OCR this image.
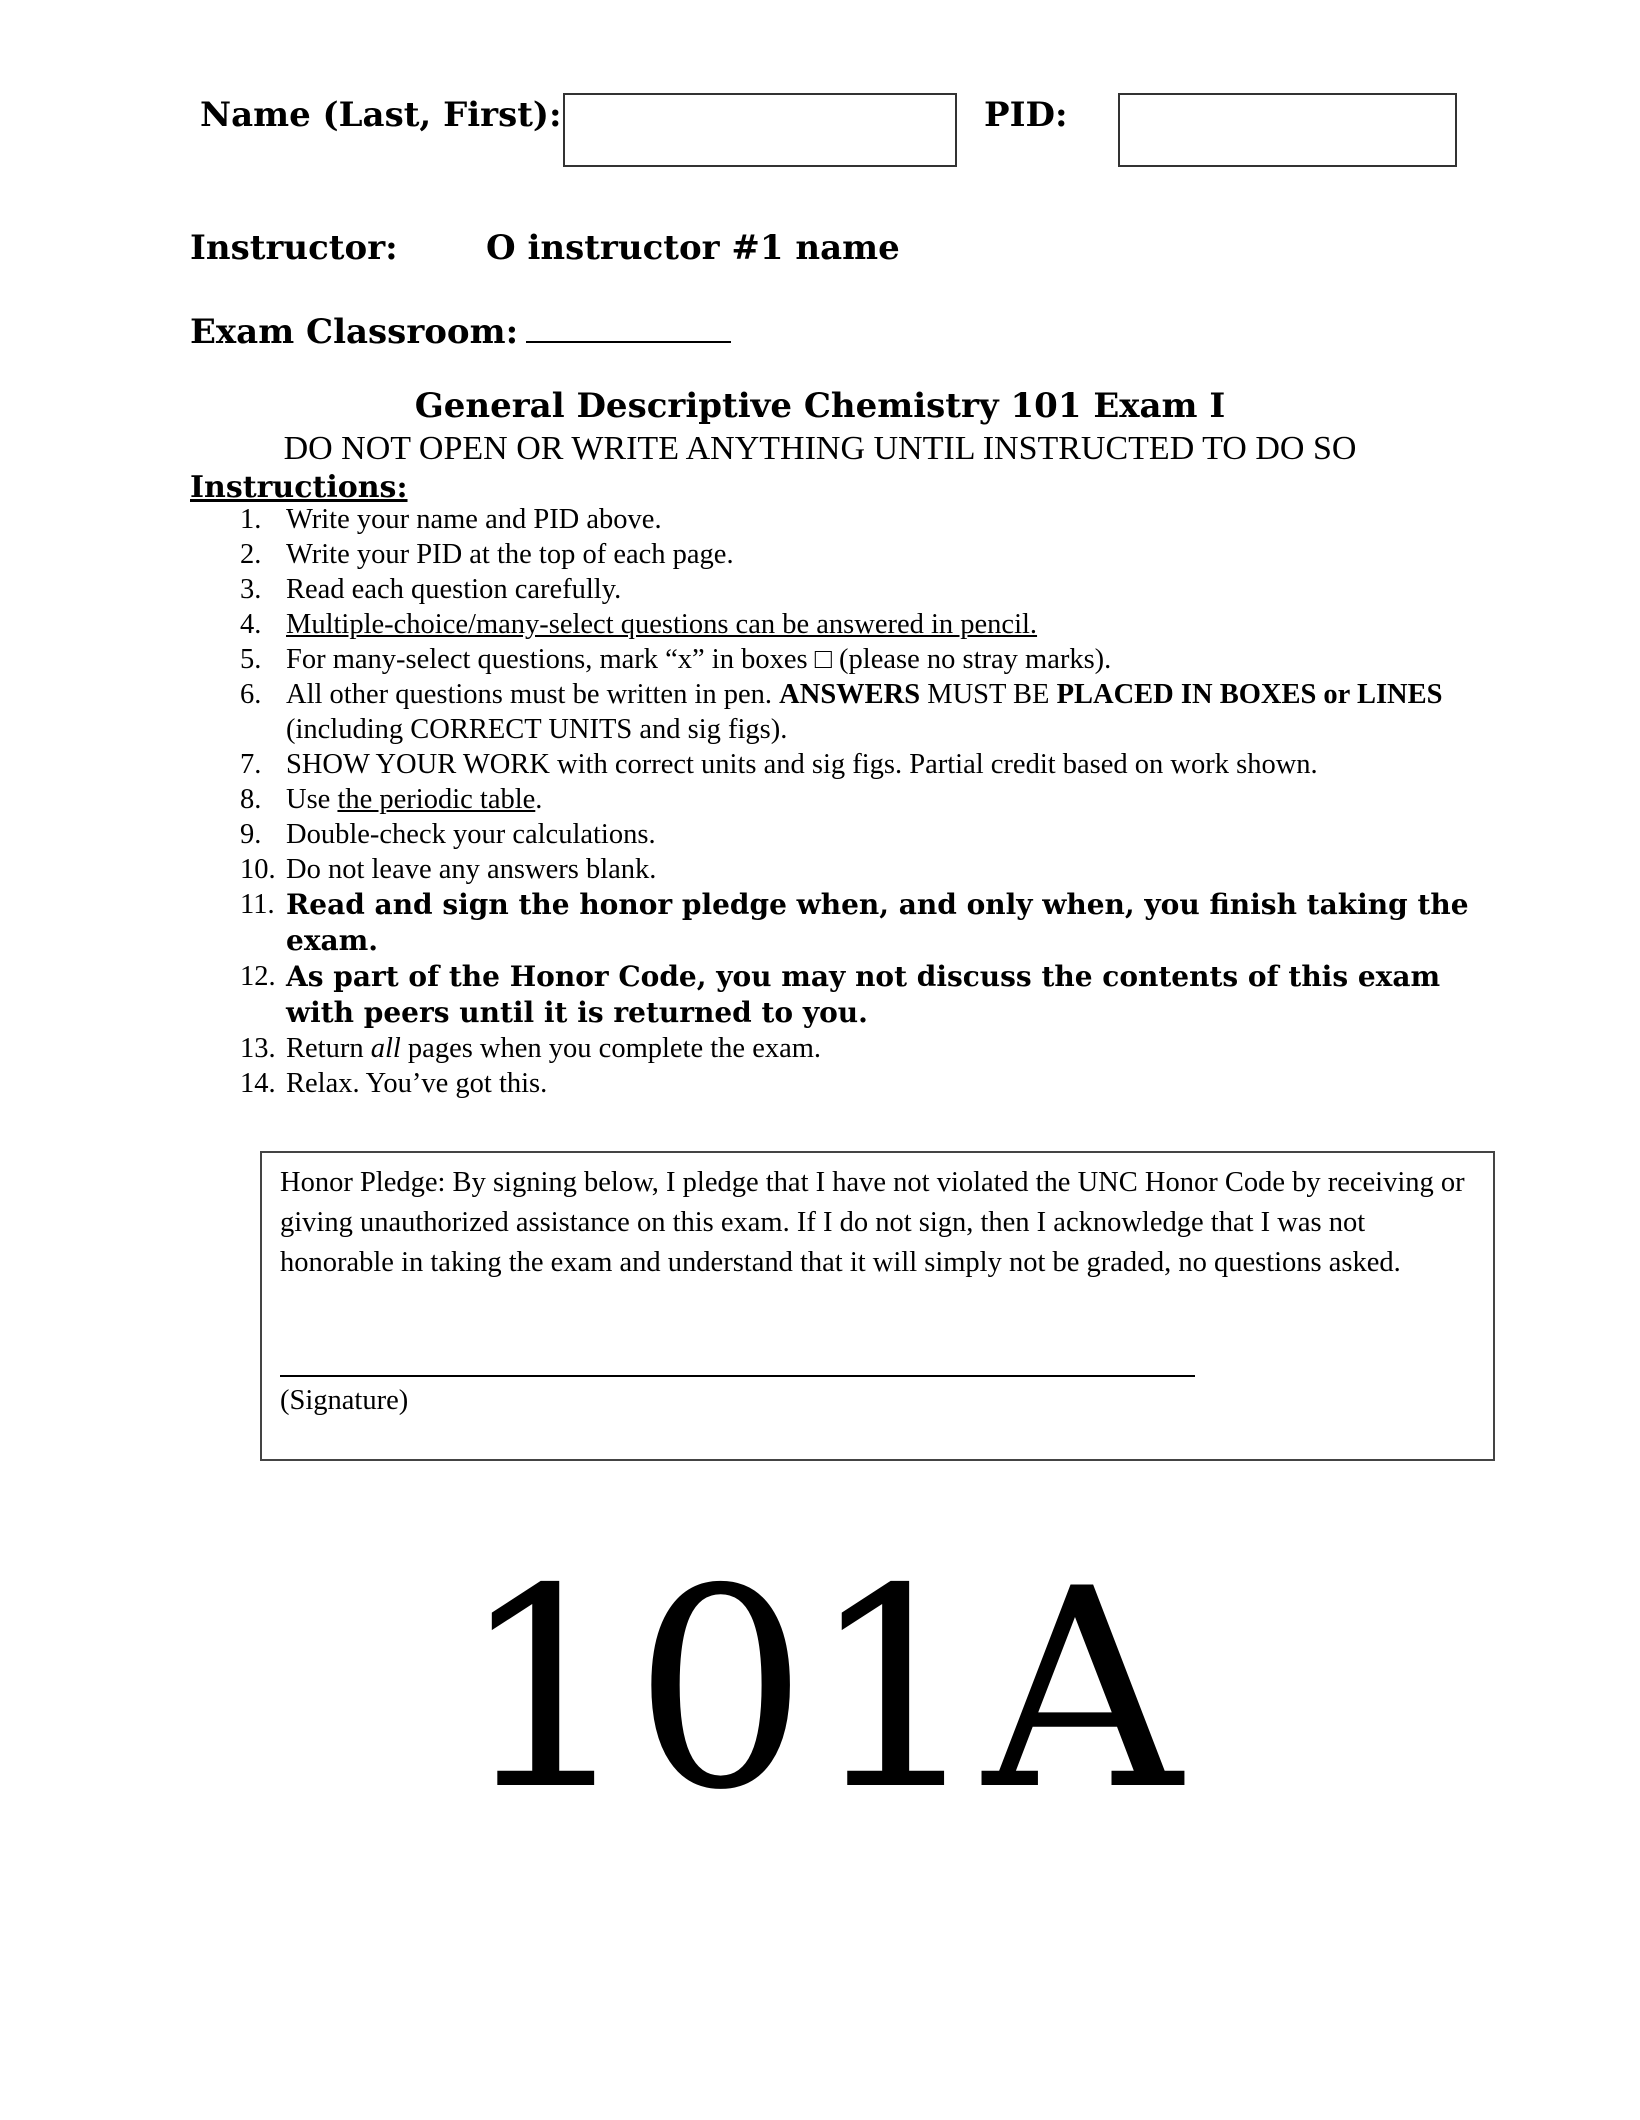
Name (Last, First):	PID:
Instructor:	O instructor #1 name
Exam Classroom:
General Descriptive Chemistry 101 Exam I
DO NOT OPEN OR WRITE ANYTHING UNTIL INSTRUCTED TO DO SO
Instructions:
1. Write your name and PID above.
2. Write your PID at the top of each page.
3. Read each question carefully.
4. Multiple-choice/many-select questions can be answered in pencil.
5. For many-select questions, mark “x” in boxes □ (please no stray marks).
6. All other questions must be written in pen. ANSWERS MUST BE PLACED IN BOXES or LINES (including CORRECT UNITS and sig figs).
7. SHOW YOUR WORK with correct units and sig figs. Partial credit based on work shown.
8. Use the periodic table.
9. Double-check your calculations.
10. Do not leave any answers blank.
11. Read and sign the honor pledge when, and only when, you finish taking the exam.
12. As part of the Honor Code, you may not discuss the contents of this exam with peers until it is returned to you.
13. Return all pages when you complete the exam.
14. Relax. You’ve got this.
Honor Pledge: By signing below, I pledge that I have not violated the UNC Honor Code by receiving or giving unauthorized assistance on this exam. If I do not sign, then I acknowledge that I was not honorable in taking the exam and understand that it will simply not be graded, no questions asked.
(Signature)
101A
